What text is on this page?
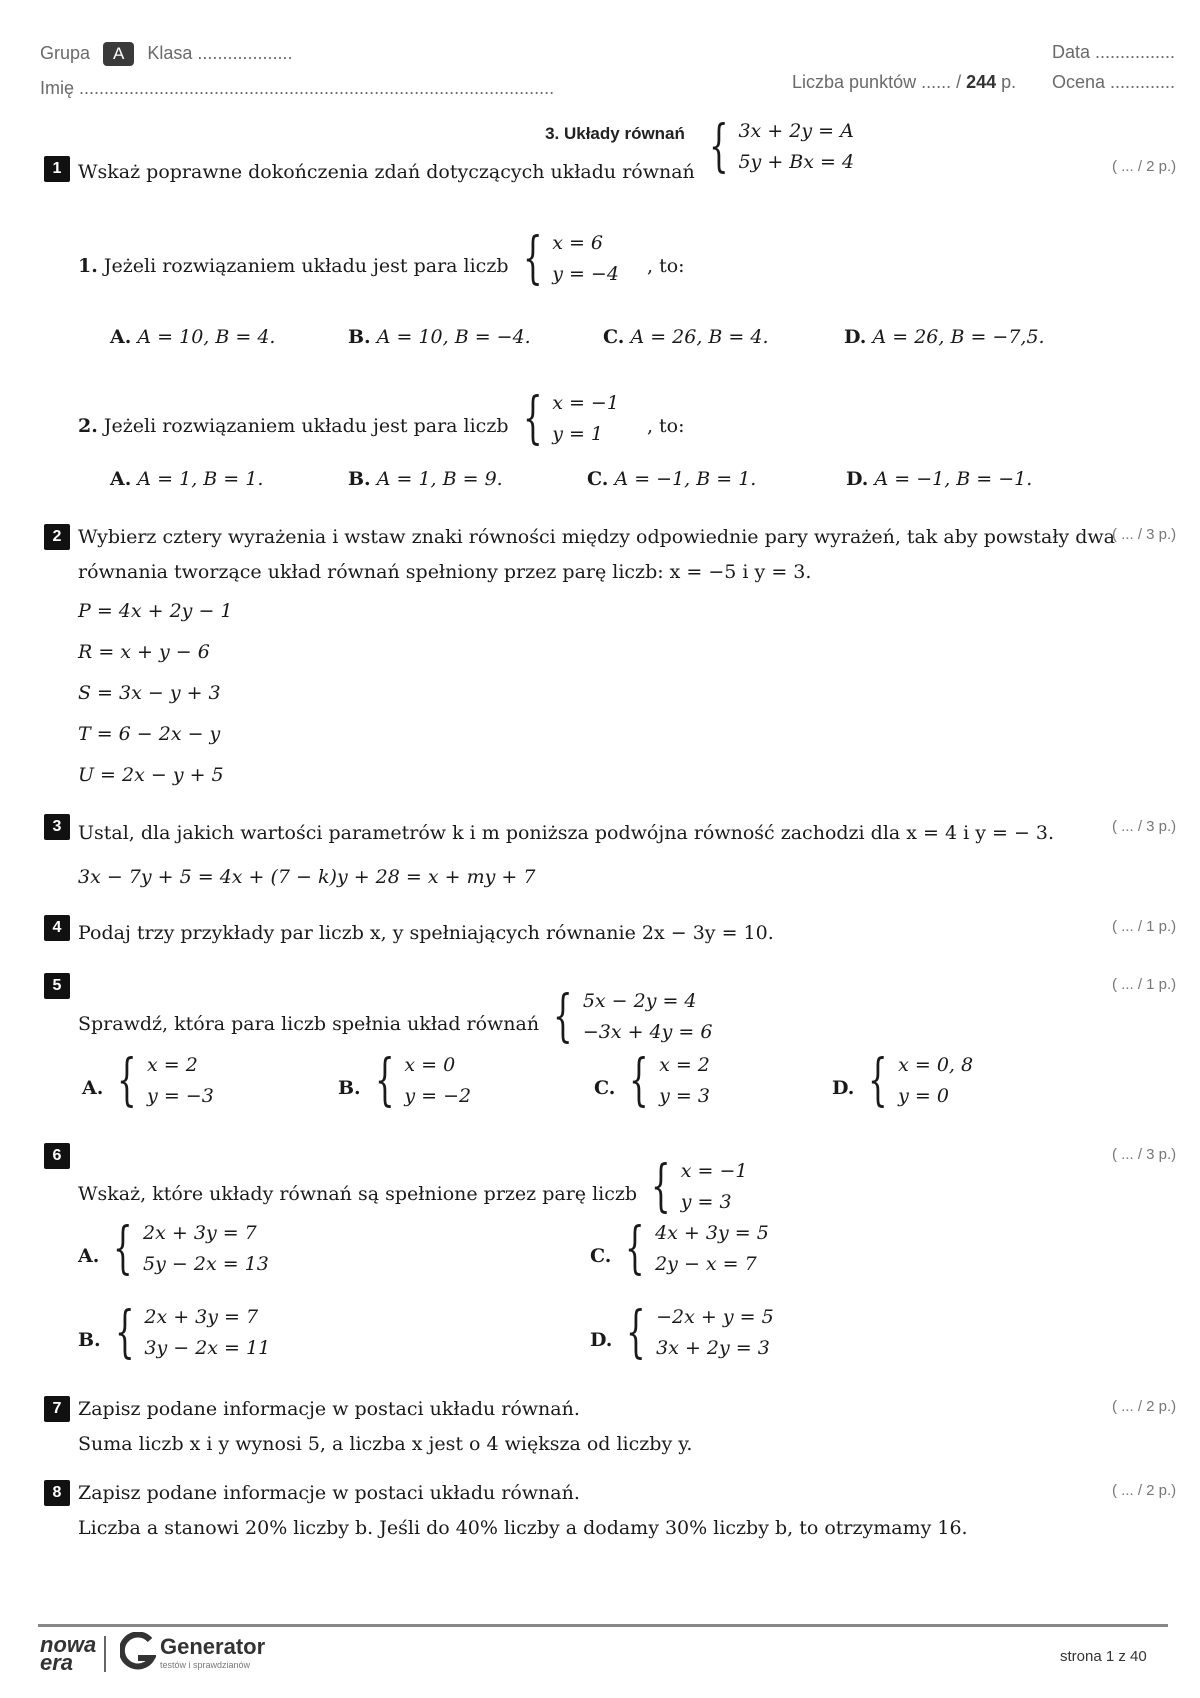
Grupa A Klasa ...................
Imię ...............................................................................................
Data ................
Liczba punktów ...... / 244 p. Ocena .............
3. Układy równań
1	( ... / 2 p.)
Wskaż poprawne dokończenia zdań dotyczących układu równań { 3x + 2y = A
5y + Bx = 4
1. Jeżeli rozwiązaniem układu jest para liczb { x = 6
y = −4 , to:
A. A = 10, B = 4.	B. A = 10, B = −4.	C. A = 26, B = 4.	D. A = 26, B = −7,5.
2. Jeżeli rozwiązaniem układu jest para liczb { x = −1
y = 1	, to:
A. A = 1, B = 1.	B. A = 1, B = 9.	C. A = −1, B = 1.	D. A = −1, B = −1.
2	( ... / 3 p.)
Wybierz cztery wyrażenia i wstaw znaki równości między odpowiednie pary wyrażeń, tak aby powstały dwa
równania tworzące układ równań spełniony przez parę liczb: x = −5 i y = 3.
P = 4x + 2y − 1
R = x + y − 6
S = 3x − y + 3
T = 6 − 2x − y
U = 2x − y + 5
3	( ... / 3 p.)
Ustal, dla jakich wartości parametrów k i m poniższa podwójna równość zachodzi dla x = 4 i y = − 3.
3x − 7y + 5 = 4x + (7 − k)y + 28 = x + my + 7
4	( ... / 1 p.)
Podaj trzy przykłady par liczb x, y spełniających równanie 2x − 3y = 10.
5	( ... / 1 p.)
Sprawdź, która para liczb spełnia układ równań { 5x − 2y = 4
−3x + 4y = 6
A. { x = 2
y = −3	B. { x = 0
y = −2	C. { x = 2
y = 3	D. { x = 0, 8
y = 0
6	( ... / 3 p.)
Wskaż, które układy równań są spełnione przez parę liczb { x = −1
y = 3
A. { 2x + 3y = 7
5y − 2x = 13	C. { 4x + 3y = 5
2y − x = 7
B. { 2x + 3y = 7
3y − 2x = 11	D. { −2x + y = 5
3x + 2y = 3
7	( ... / 2 p.)
Zapisz podane informacje w postaci układu równań.
Suma liczb x i y wynosi 5, a liczba x jest o 4 większa od liczby y.
8	( ... / 2 p.)
Zapisz podane informacje w postaci układu równań.
Liczba a stanowi 20% liczby b. Jeśli do 40% liczby a dodamy 30% liczby b, to otrzymamy 16.
nowa
era
Generator
testów i sprawdzianów	strona 1 z 40
